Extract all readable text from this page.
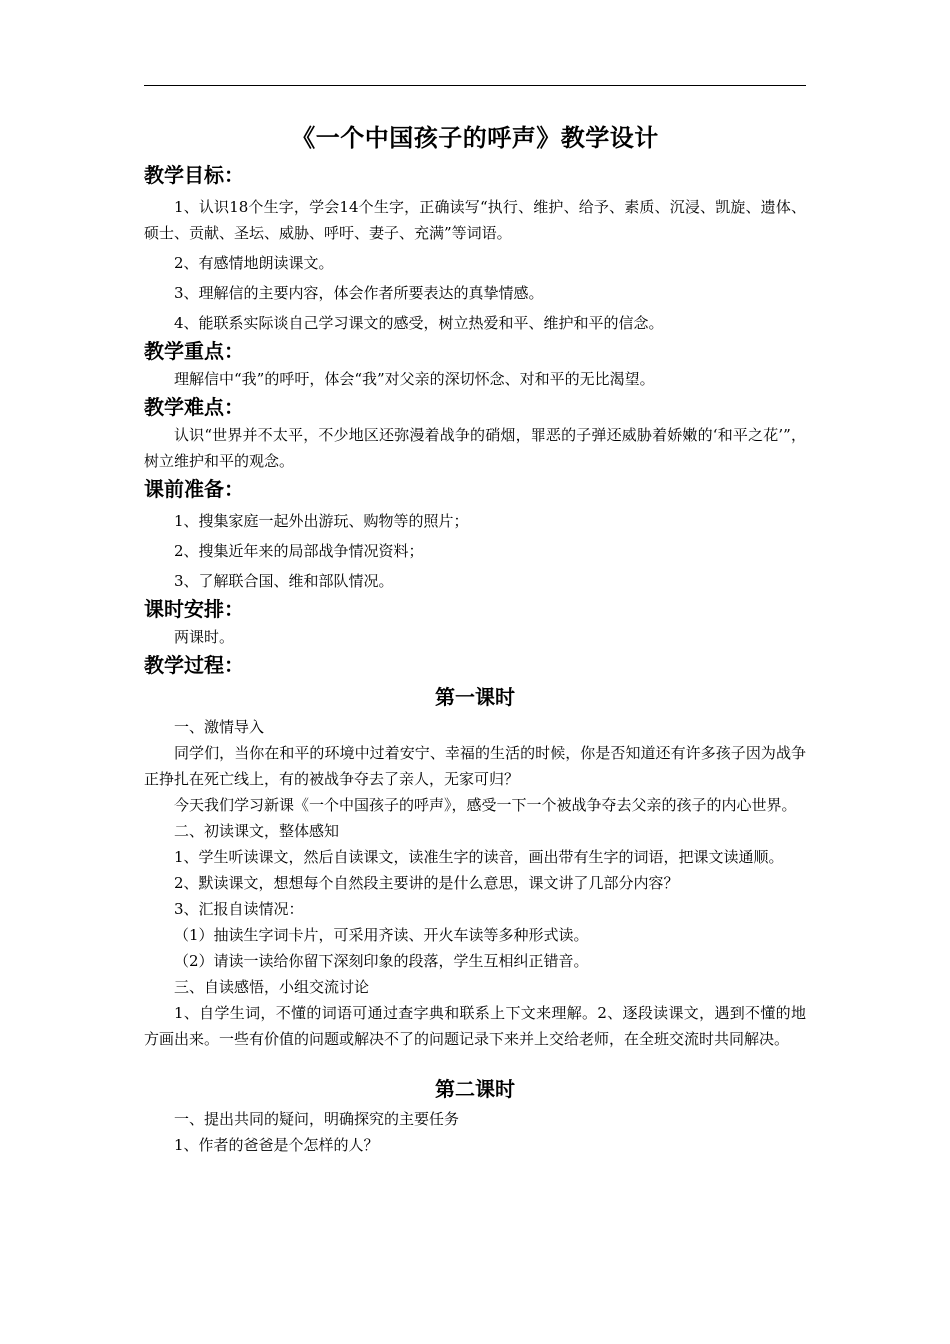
《一个中国孩子的呼声》教学设计
教学目标：

1、认识18个生字，学会14个生字，正确读写“执行、维护、给予、素质、沉浸、凯旋、遗体、硕士、贡献、圣坛、威胁、呼吁、妻子、充满”等词语。

2、有感情地朗读课文。

3、理解信的主要内容，体会作者所要表达的真挚情感。

4、能联系实际谈自己学习课文的感受，树立热爱和平、维护和平的信念。

教学重点：

理解信中“我”的呼吁，体会“我”对父亲的深切怀念、对和平的无比渴望。

教学难点：

认识“世界并不太平，不少地区还弥漫着战争的硝烟，罪恶的子弹还威胁着娇嫩的‘和平之花’”，树立维护和平的观念。

课前准备：

1、搜集家庭一起外出游玩、购物等的照片；

2、搜集近年来的局部战争情况资料；

3、了解联合国、维和部队情况。

课时安排：

两课时。

教学过程：
第一课时

一、激情导入

同学们，当你在和平的环境中过着安宁、幸福的生活的时候，你是否知道还有许多孩子因为战争正挣扎在死亡线上，有的被战争夺去了亲人，无家可归？

今天我们学习新课《一个中国孩子的呼声》，感受一下一个被战争夺去父亲的孩子的内心世界。

二、初读课文，整体感知

1、学生听读课文，然后自读课文，读准生字的读音，画出带有生字的词语，把课文读通顺。

2、默读课文，想想每个自然段主要讲的是什么意思，课文讲了几部分内容？

3、汇报自读情况：

（1）抽读生字词卡片，可采用齐读、开火车读等多种形式读。

（2）请读一读给你留下深刻印象的段落，学生互相纠正错音。

三、自读感悟，小组交流讨论

1、自学生词，不懂的词语可通过查字典和联系上下文来理解。2、逐段读课文，遇到不懂的地方画出来。一些有价值的问题或解决不了的问题记录下来并上交给老师，在全班交流时共同解决。

第二课时

一、提出共同的疑问，明确探究的主要任务

1、作者的爸爸是个怎样的人？
